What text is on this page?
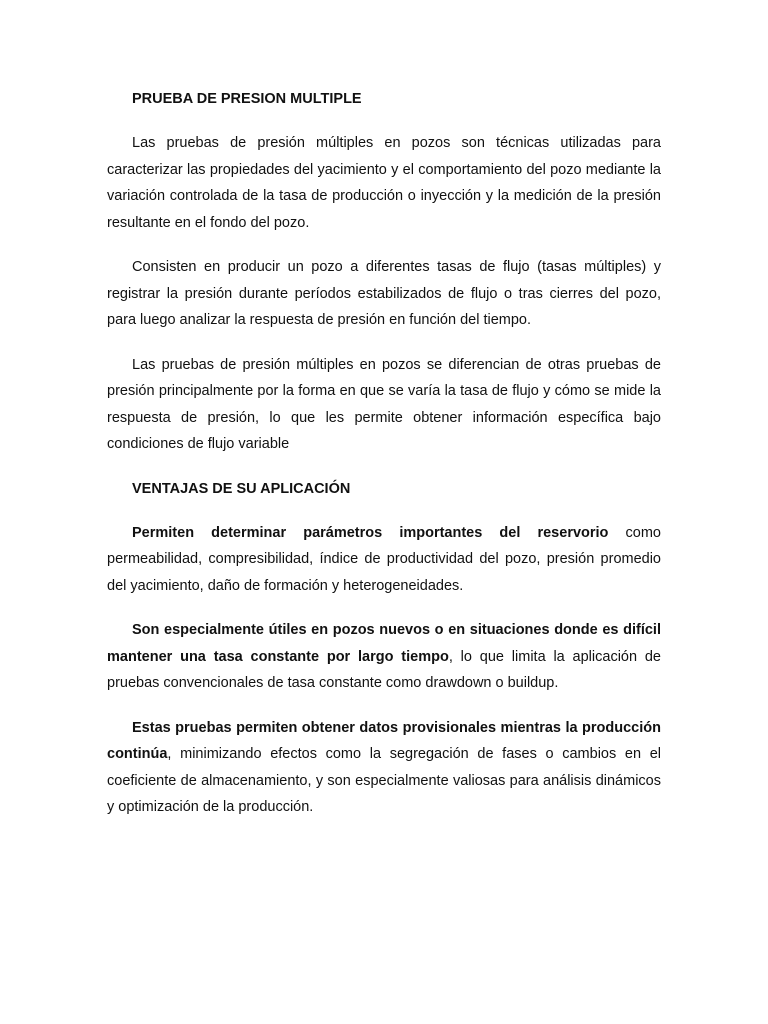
PRUEBA DE PRESION MULTIPLE

Las pruebas de presión múltiples en pozos son técnicas utilizadas para caracterizar las propiedades del yacimiento y el comportamiento del pozo mediante la variación controlada de la tasa de producción o inyección y la medición de la presión resultante en el fondo del pozo.

Consisten en producir un pozo a diferentes tasas de flujo (tasas múltiples) y registrar la presión durante períodos estabilizados de flujo o tras cierres del pozo, para luego analizar la respuesta de presión en función del tiempo.

Las pruebas de presión múltiples en pozos se diferencian de otras pruebas de presión principalmente por la forma en que se varía la tasa de flujo y cómo se mide la respuesta de presión, lo que les permite obtener información específica bajo condiciones de flujo variable

VENTAJAS DE SU APLICACIÓN

Permiten determinar parámetros importantes del reservorio como permeabilidad, compresibilidad, índice de productividad del pozo, presión promedio del yacimiento, daño de formación y heterogeneidades.

Son especialmente útiles en pozos nuevos o en situaciones donde es difícil mantener una tasa constante por largo tiempo, lo que limita la aplicación de pruebas convencionales de tasa constante como drawdown o buildup.

Estas pruebas permiten obtener datos provisionales mientras la producción continúa, minimizando efectos como la segregación de fases o cambios en el coeficiente de almacenamiento, y son especialmente valiosas para análisis dinámicos y optimización de la producción.
